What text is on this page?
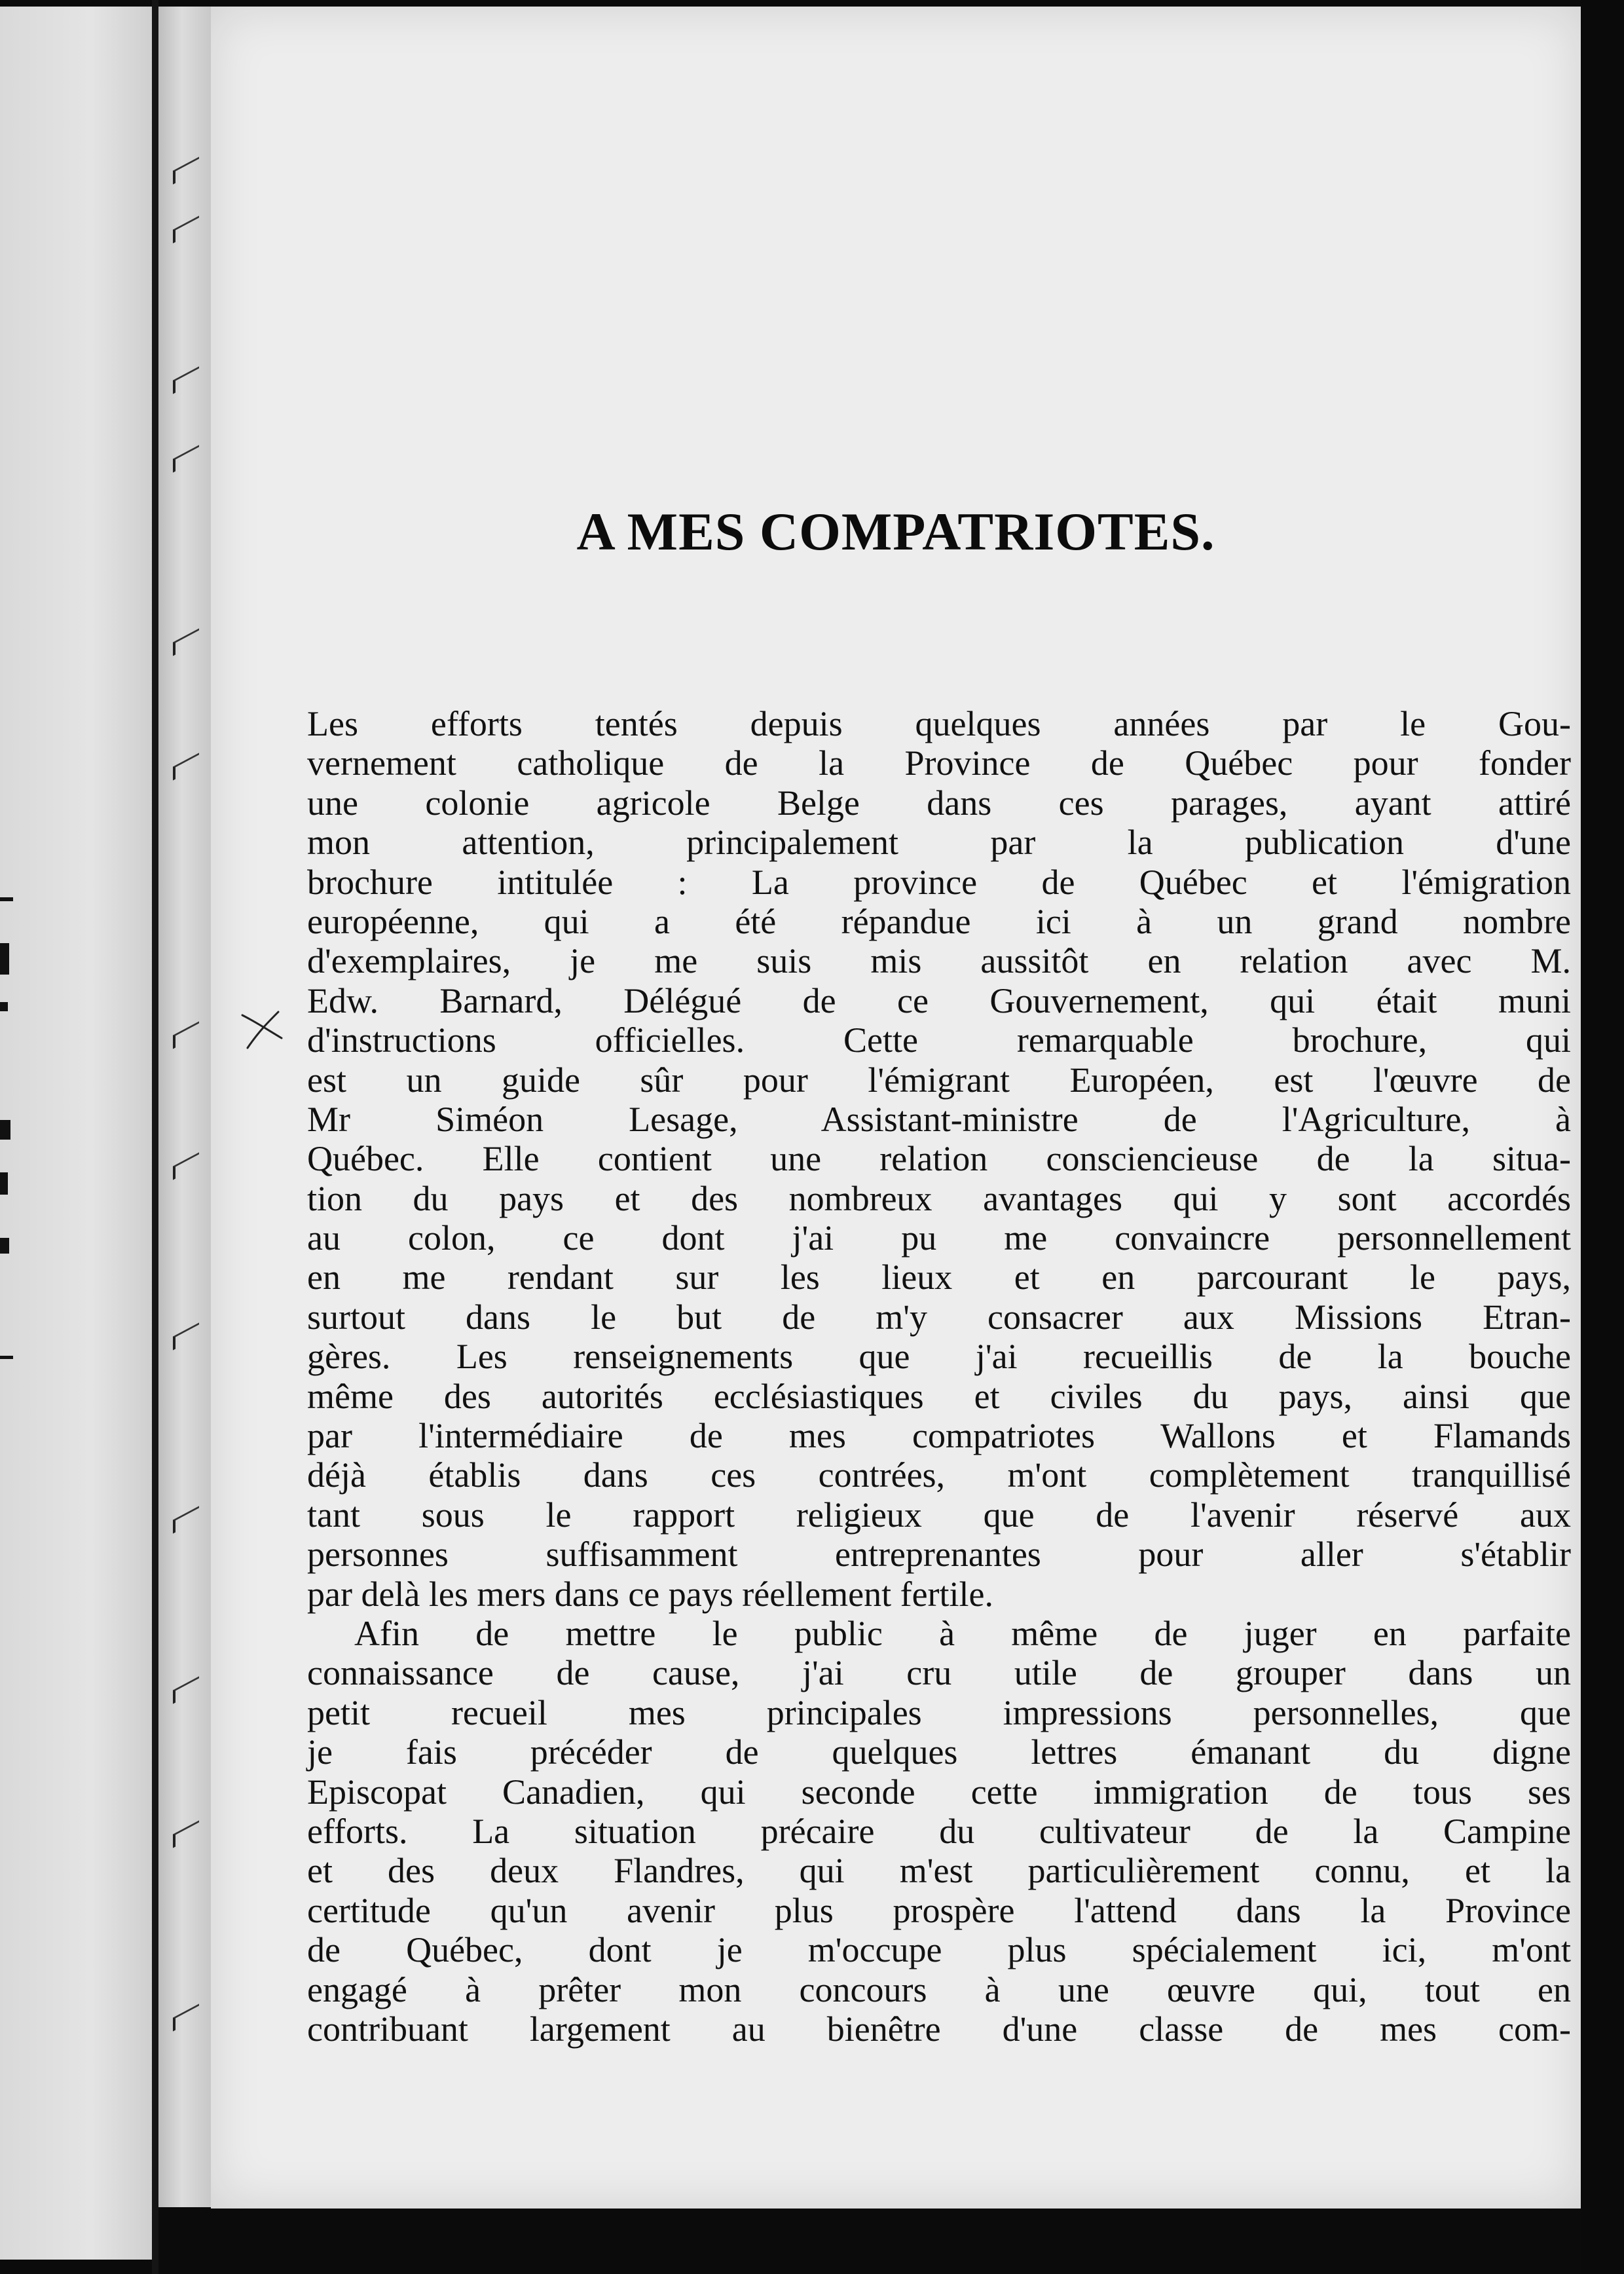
A MES COMPATRIOTES.
Les efforts tentés depuis quelques années par le Gou-
vernement catholique de la Province de Québec pour fonder
une colonie agricole Belge dans ces parages, ayant attiré
mon attention, principalement par la publication d'une
brochure intitulée : La province de Québec et l'émigration
européenne, qui a été répandue ici à un grand nombre
d'exemplaires, je me suis mis aussitôt en relation avec M.
Edw. Barnard, Délégué de ce Gouvernement, qui était muni
d'instructions officielles. Cette remarquable brochure, qui
est un guide sûr pour l'émigrant Européen, est l'œuvre de
Mr Siméon Lesage, Assistant-ministre de l'Agriculture, à
Québec. Elle contient une relation consciencieuse de la situa-
tion du pays et des nombreux avantages qui y sont accordés
au colon, ce dont j'ai pu me convaincre personnellement
en me rendant sur les lieux et en parcourant le pays,
surtout dans le but de m'y consacrer aux Missions Etran-
gères. Les renseignements que j'ai recueillis de la bouche
même des autorités ecclésiastiques et civiles du pays, ainsi que
par l'intermédiaire de mes compatriotes Wallons et Flamands
déjà établis dans ces contrées, m'ont complètement tranquillisé
tant sous le rapport religieux que de l'avenir réservé aux
personnes suffisamment entreprenantes pour aller s'établir
par delà les mers dans ce pays réellement fertile.
Afin de mettre le public à même de juger en parfaite
connaissance de cause, j'ai cru utile de grouper dans un
petit recueil mes principales impressions personnelles, que
je fais précéder de quelques lettres émanant du digne
Episcopat Canadien, qui seconde cette immigration de tous ses
efforts. La situation précaire du cultivateur de la Campine
et des deux Flandres, qui m'est particulièrement connu, et la
certitude qu'un avenir plus prospère l'attend dans la Province
de Québec, dont je m'occupe plus spécialement ici, m'ont
engagé à prêter mon concours à une œuvre qui, tout en
contribuant largement au bienêtre d'une classe de mes com-
